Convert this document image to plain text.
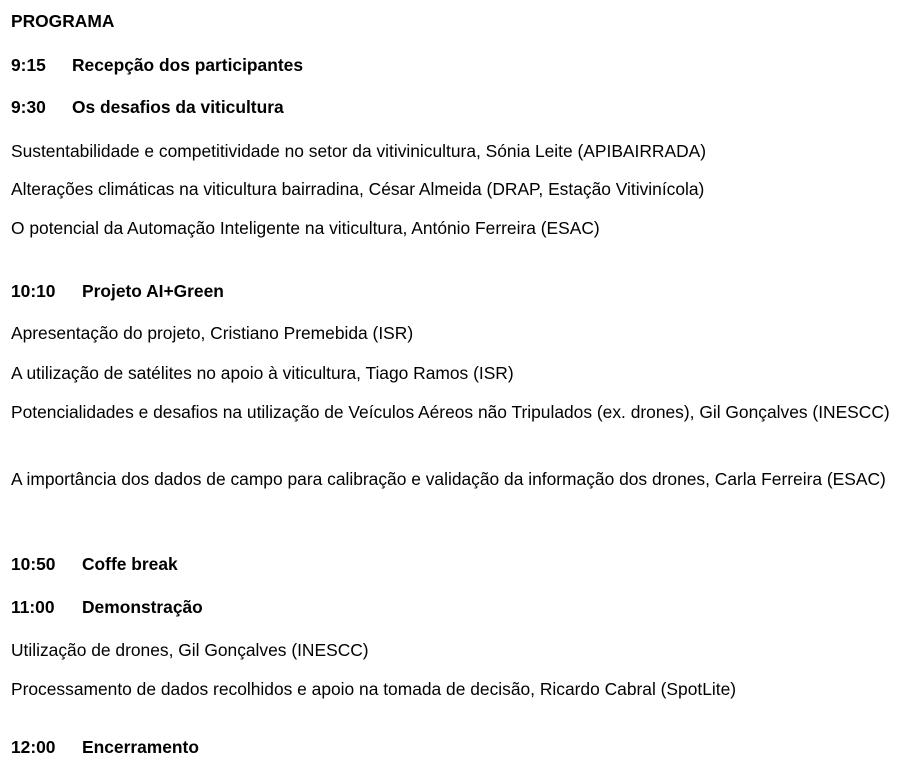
PROGRAMA
9:15 Recepção dos participantes
9:30 Os desafios da viticultura
Sustentabilidade e competitividade no setor da vitivinicultura, Sónia Leite (APIBAIRRADA)
Alterações climáticas na viticultura bairradina, César Almeida (DRAP, Estação Vitivinícola)
O potencial da Automação Inteligente na viticultura, António Ferreira (ESAC)
10:10 Projeto AI+Green
Apresentação do projeto, Cristiano Premebida (ISR)
A utilização de satélites no apoio à viticultura, Tiago Ramos (ISR)
Potencialidades e desafios na utilização de Veículos Aéreos não Tripulados (ex. drones), Gil Gonçalves (INESCC)
A importância dos dados de campo para calibração e validação da informação dos drones, Carla Ferreira (ESAC)
10:50 Coffe break
11:00 Demonstração
Utilização de drones, Gil Gonçalves (INESCC)
Processamento de dados recolhidos e apoio na tomada de decisão, Ricardo Cabral (SpotLite)
12:00 Encerramento
